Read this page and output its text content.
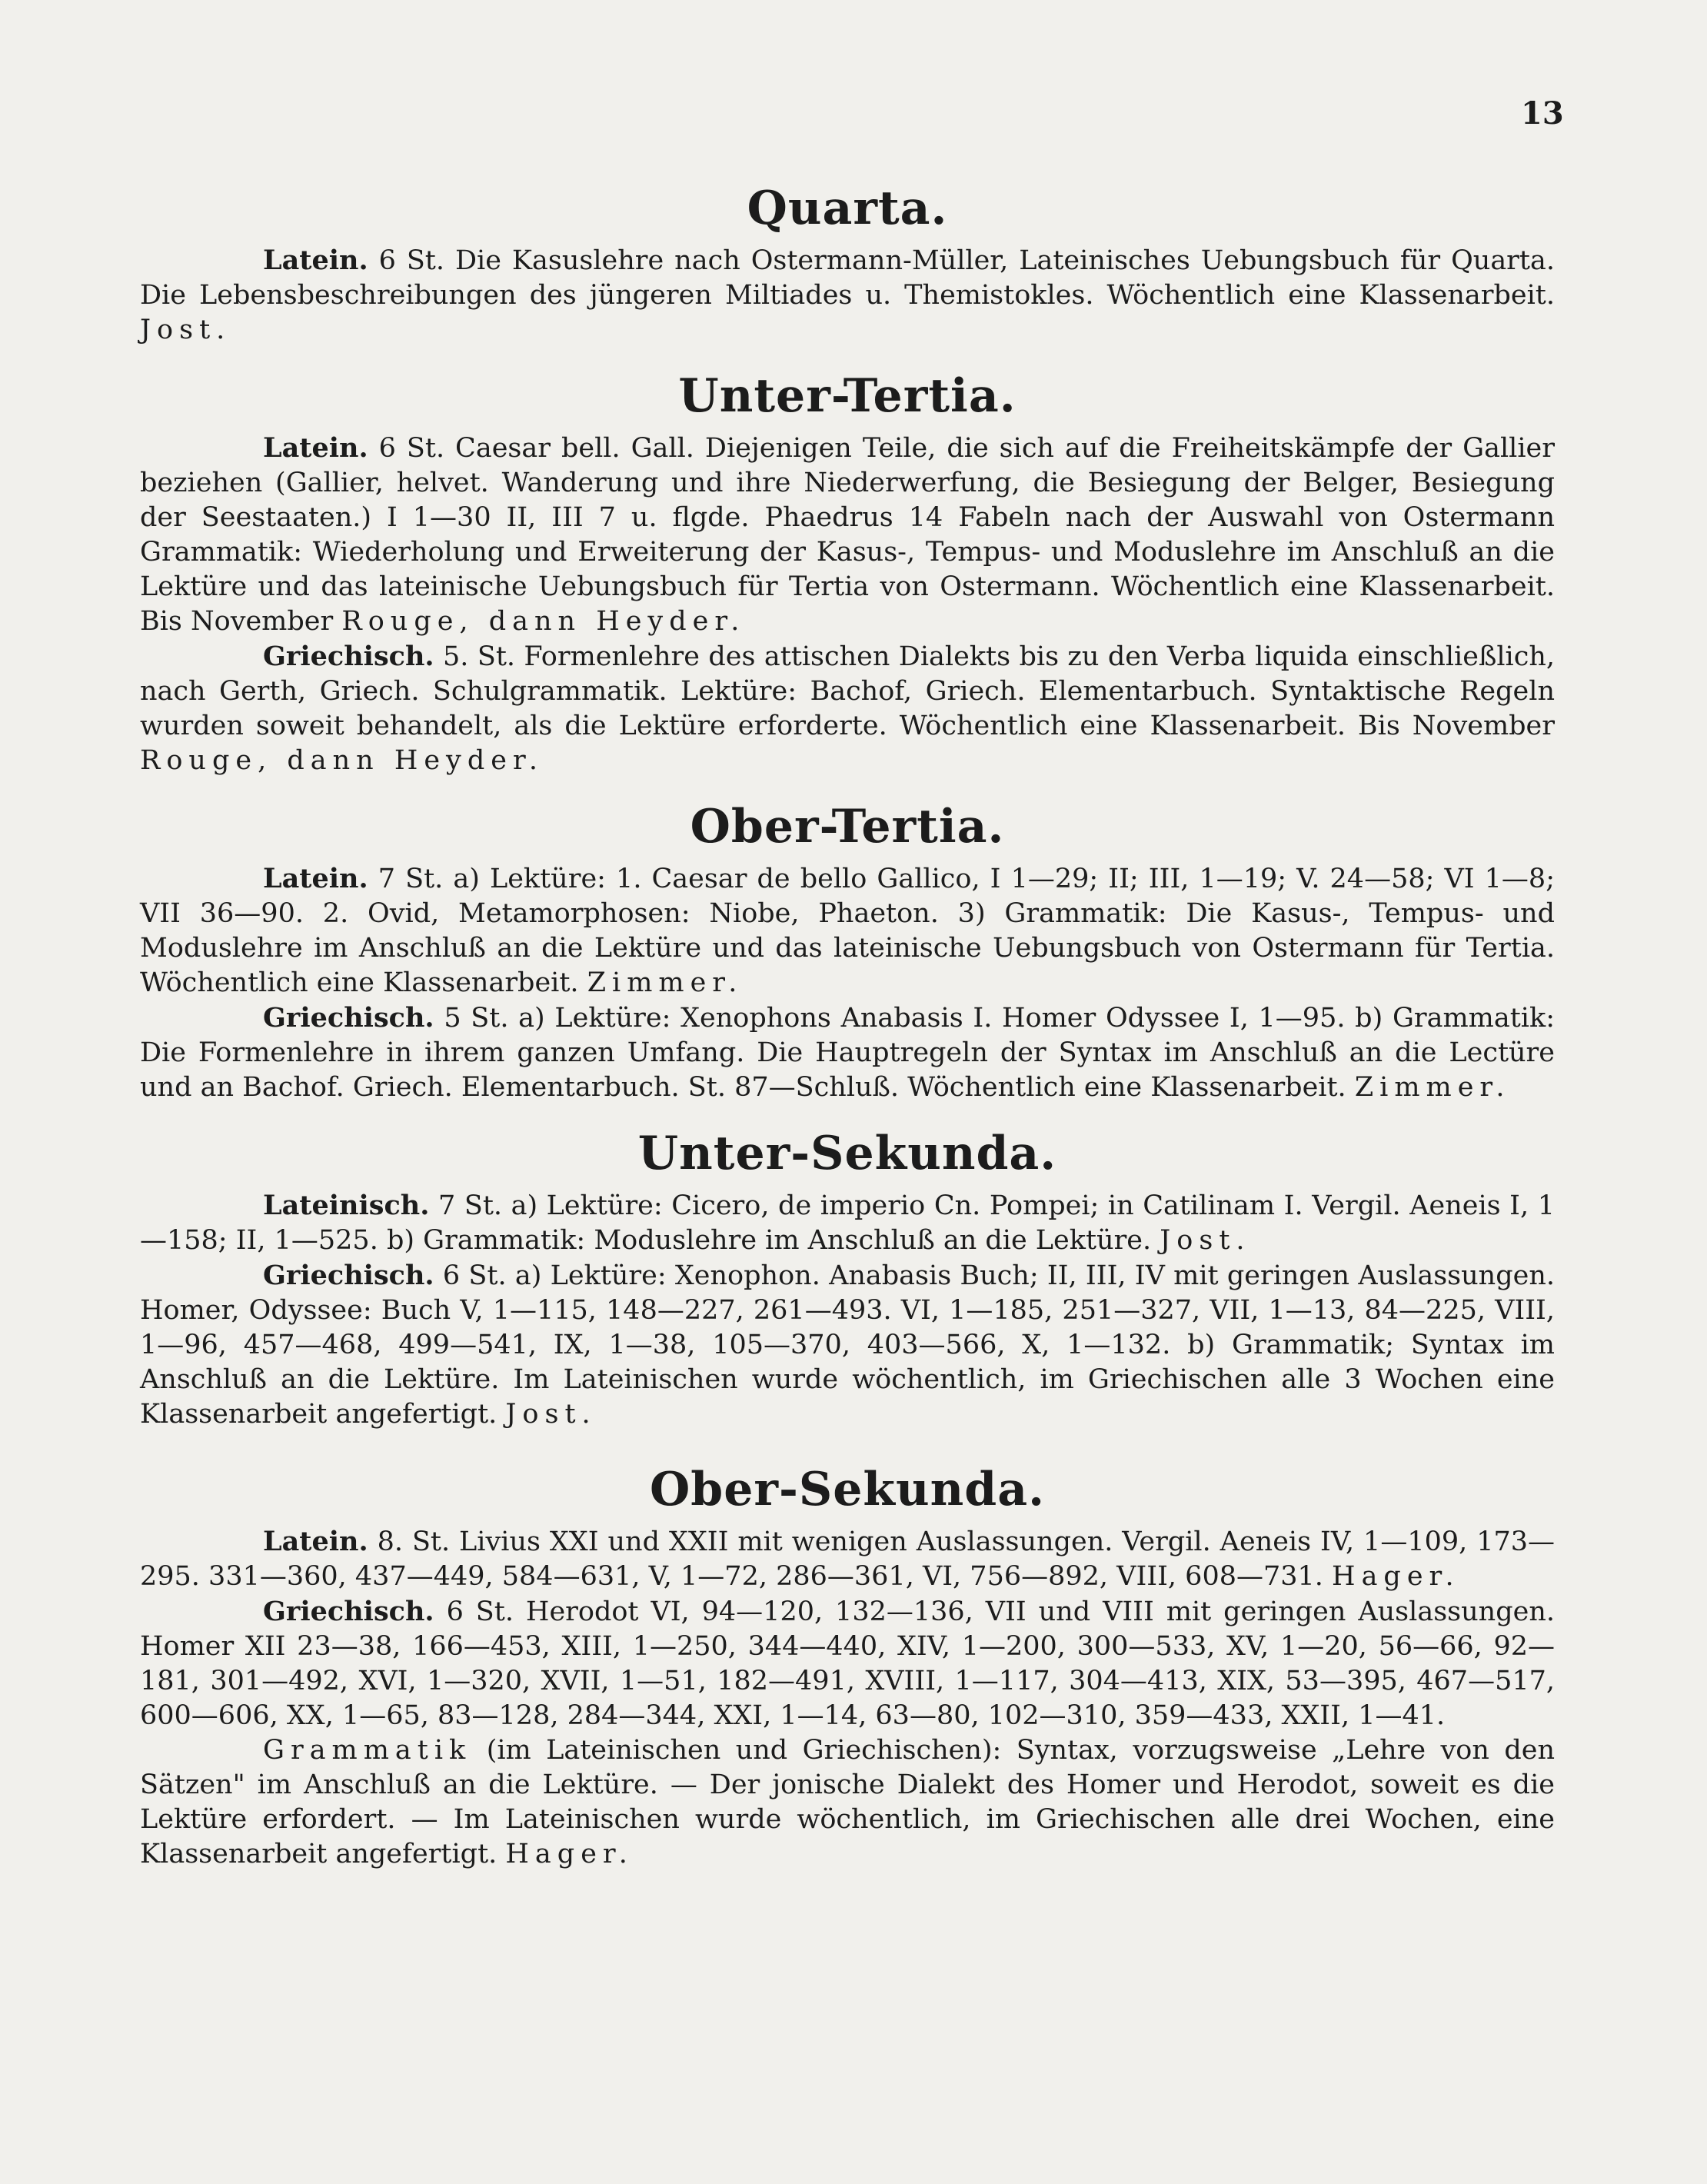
13
Quarta.

Latein. 6 St. Die Kasuslehre nach Ostermann-Müller, Lateinisches Uebungsbuch für Quarta. Die Lebensbeschreibungen des jüngeren Miltiades u. Themistokles. Wöchentlich eine Klassenarbeit. Jost.

Unter-Tertia.

Latein. 6 St. Caesar bell. Gall. Diejenigen Teile, die sich auf die Freiheitskämpfe der Gallier beziehen (Gallier, helvet. Wanderung und ihre Niederwerfung, die Besiegung der Belger, Besiegung der Seestaaten.) I 1—30 II, III 7 u. flgde. Phaedrus 14 Fabeln nach der Auswahl von Ostermann Grammatik: Wiederholung und Erweiterung der Kasus-, Tempus- und Moduslehre im Anschluß an die Lektüre und das lateinische Uebungsbuch für Tertia von Ostermann. Wöchentlich eine Klassenarbeit. Bis November Rouge, dann Heyder.

Griechisch. 5. St. Formenlehre des attischen Dialekts bis zu den Verba liquida einschließlich, nach Gerth, Griech. Schulgrammatik. Lektüre: Bachof, Griech. Elementarbuch. Syntaktische Regeln wurden soweit behandelt, als die Lektüre erforderte. Wöchentlich eine Klassenarbeit. Bis November Rouge, dann Heyder.

Ober-Tertia.

Latein. 7 St. a) Lektüre: 1. Caesar de bello Gallico, I 1—29; II; III, 1—19; V. 24—58; VI 1—8; VII 36—90. 2. Ovid, Metamorphosen: Niobe, Phaeton. 3) Grammatik: Die Kasus-, Tempus- und Moduslehre im Anschluß an die Lektüre und das lateinische Uebungsbuch von Ostermann für Tertia. Wöchentlich eine Klassenarbeit. Zimmer.

Griechisch. 5 St. a) Lektüre: Xenophons Anabasis I. Homer Odyssee I, 1—95. b) Grammatik: Die Formenlehre in ihrem ganzen Umfang. Die Hauptregeln der Syntax im Anschluß an die Lectüre und an Bachof. Griech. Elementarbuch. St. 87—Schluß. Wöchentlich eine Klassenarbeit. Zimmer.

Unter-Sekunda.

Lateinisch. 7 St. a) Lektüre: Cicero, de imperio Cn. Pompei; in Catilinam I. Vergil. Aeneis I, 1—158; II, 1—525. b) Grammatik: Moduslehre im Anschluß an die Lektüre. Jost.

Griechisch. 6 St. a) Lektüre: Xenophon. Anabasis Buch; II, III, IV mit geringen Auslassungen. Homer, Odyssee: Buch V, 1—115, 148—227, 261—493. VI, 1—185, 251—327, VII, 1—13, 84—225, VIII, 1—96, 457—468, 499—541, IX, 1—38, 105—370, 403—566, X, 1—132. b) Grammatik; Syntax im Anschluß an die Lektüre. Im Lateinischen wurde wöchentlich, im Griechischen alle 3 Wochen eine Klassenarbeit angefertigt. Jost.

Ober-Sekunda.

Latein. 8. St. Livius XXI und XXII mit wenigen Auslassungen. Vergil. Aeneis IV, 1—109, 173—295. 331—360, 437—449, 584—631, V, 1—72, 286—361, VI, 756—892, VIII, 608—731. Hager.

Griechisch. 6 St. Herodot VI, 94—120, 132—136, VII und VIII mit geringen Auslassungen. Homer XII 23—38, 166—453, XIII, 1—250, 344—440, XIV, 1—200, 300—533, XV, 1—20, 56—66, 92—181, 301—492, XVI, 1—320, XVII, 1—51, 182—491, XVIII, 1—117, 304—413, XIX, 53—395, 467—517, 600—606, XX, 1—65, 83—128, 284—344, XXI, 1—14, 63—80, 102—310, 359—433, XXII, 1—41.

Grammatik (im Lateinischen und Griechischen): Syntax, vorzugsweise „Lehre von den Sätzen" im Anschluß an die Lektüre. — Der jonische Dialekt des Homer und Herodot, soweit es die Lektüre erfordert. — Im Lateinischen wurde wöchentlich, im Griechischen alle drei Wochen, eine Klassenarbeit angefertigt. Hager.
